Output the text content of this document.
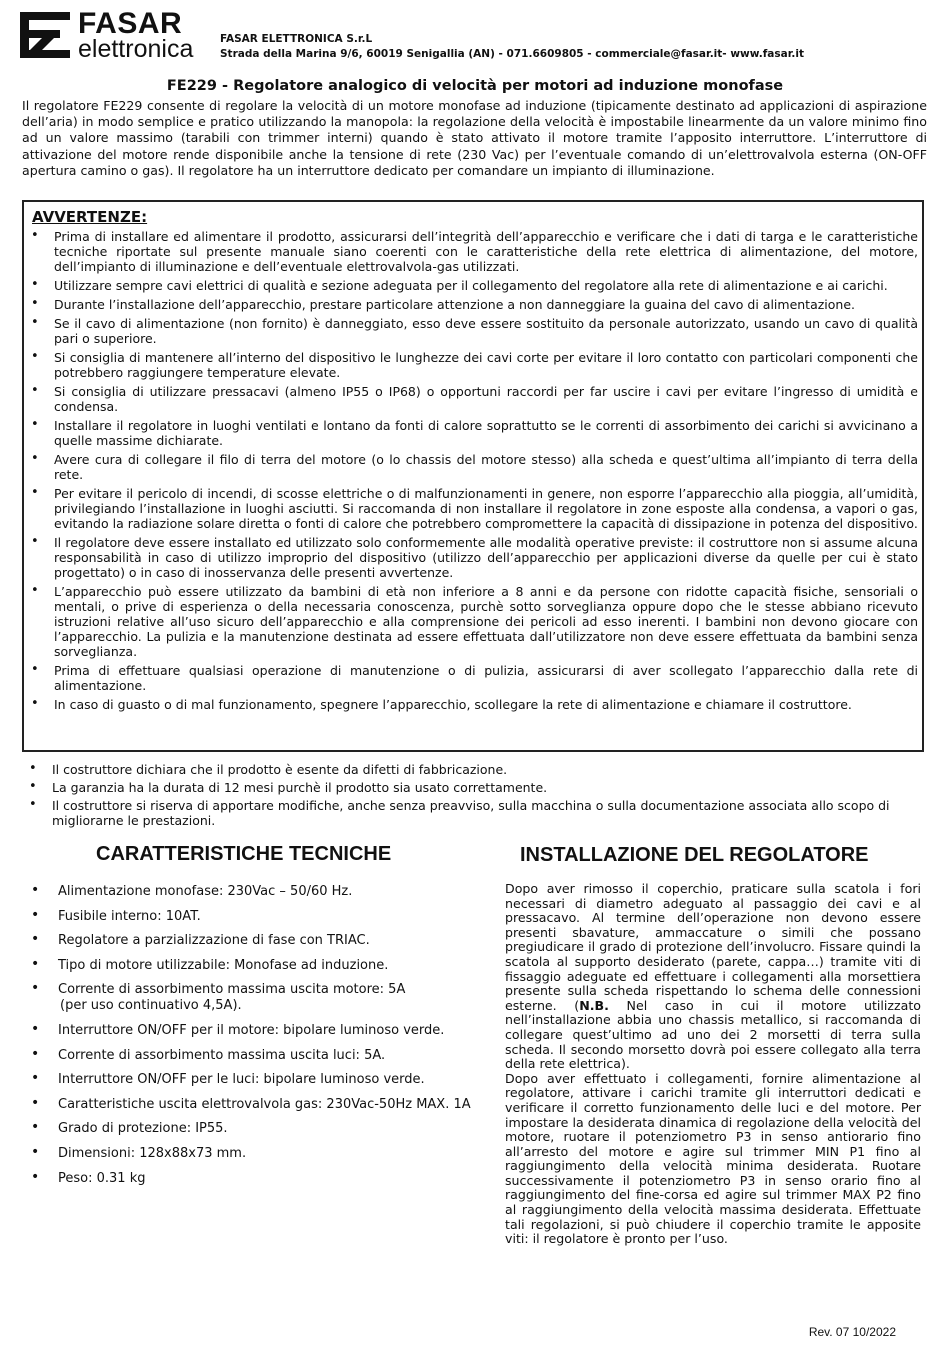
FASAR
elettronica	FASAR ELETTRONICA S.r.L
Strada della Marina 9/6, 60019 Senigallia (AN) - 071.6609805 - commerciale@fasar.it- www.fasar.it
FE229 - Regolatore analogico di velocità per motori ad induzione monofase
Il regolatore FE229 consente di regolare la velocità di un motore monofase ad induzione (tipicamente destinato ad applicazioni di aspirazione dell’aria) in modo semplice e pratico utilizzando la manopola: la regolazione della velocità è impostabile linearmente da un valore minimo fino ad un valore massimo (tarabili con trimmer interni) quando è stato attivato il motore tramite l’apposito interruttore. L’interruttore di attivazione del motore rende disponibile anche la tensione di rete (230 Vac) per l’eventuale comando di un’elettrovalvola esterna (ON-OFF apertura camino o gas). Il regolatore ha un interruttore dedicato per comandare un impianto di illuminazione.
AVVERTENZE:
• Prima di installare ed alimentare il prodotto, assicurarsi dell’integrità dell’apparecchio e verificare che i dati di targa e le caratteristiche tecniche riportate sul presente manuale siano coerenti con le caratteristiche della rete elettrica di alimentazione, del motore, dell’impianto di illuminazione e dell’eventuale elettrovalvola-gas utilizzati.
• Utilizzare sempre cavi elettrici di qualità e sezione adeguata per il collegamento del regolatore alla rete di alimentazione e ai carichi.
• Durante l’installazione dell’apparecchio, prestare particolare attenzione a non danneggiare la guaina del cavo di alimentazione.
• Se il cavo di alimentazione (non fornito) è danneggiato, esso deve essere sostituito da personale autorizzato, usando un cavo di qualità pari o superiore.
• Si consiglia di mantenere all’interno del dispositivo le lunghezze dei cavi corte per evitare il loro contatto con particolari componenti che potrebbero raggiungere temperature elevate.
• Si consiglia di utilizzare pressacavi (almeno IP55 o IP68) o opportuni raccordi per far uscire i cavi per evitare l’ingresso di umidità e condensa.
• Installare il regolatore in luoghi ventilati e lontano da fonti di calore soprattutto se le correnti di assorbimento dei carichi si avvicinano a quelle massime dichiarate.
• Avere cura di collegare il filo di terra del motore (o lo chassis del motore stesso) alla scheda e quest’ultima all’impianto di terra della rete.
• Per evitare il pericolo di incendi, di scosse elettriche o di malfunzionamenti in genere, non esporre l’apparecchio alla pioggia, all’umidità, privilegiando l’installazione in luoghi asciutti. Si raccomanda di non installare il regolatore in zone esposte alla condensa, a vapori o gas, evitando la radiazione solare diretta o fonti di calore che potrebbero compromettere la capacità di dissipazione in potenza del dispositivo.
• Il regolatore deve essere installato ed utilizzato solo conformemente alle modalità operative previste: il costruttore non si assume alcuna responsabilità in caso di utilizzo improprio del dispositivo (utilizzo dell’apparecchio per applicazioni diverse da quelle per cui è stato progettato) o in caso di inosservanza delle presenti avvertenze.
• L’apparecchio può essere utilizzato da bambini di età non inferiore a 8 anni e da persone con ridotte capacità fisiche, sensoriali o mentali, o prive di esperienza o della necessaria conoscenza, purchè sotto sorveglianza oppure dopo che le stesse abbiano ricevuto istruzioni relative all’uso sicuro dell’apparecchio e alla comprensione dei pericoli ad esso inerenti. I bambini non devono giocare con l’apparecchio. La pulizia e la manutenzione destinata ad essere effettuata dall’utilizzatore non deve essere effettuata da bambini senza sorveglianza.
• Prima di effettuare qualsiasi operazione di manutenzione o di pulizia, assicurarsi di aver scollegato l’apparecchio dalla rete di alimentazione.
• In caso di guasto o di mal funzionamento, spegnere l’apparecchio, scollegare la rete di alimentazione e chiamare il costruttore.
• Il costruttore dichiara che il prodotto è esente da difetti di fabbricazione.
• La garanzia ha la durata di 12 mesi purchè il prodotto sia usato correttamente.
• Il costruttore si riserva di apportare modifiche, anche senza preavviso, sulla macchina o sulla documentazione associata allo scopo di migliorarne le prestazioni.
CARATTERISTICHE TECNICHE
• Alimentazione monofase: 230Vac – 50/60 Hz.
• Fusibile interno: 10AT.
• Regolatore a parzializzazione di fase con TRIAC.
• Tipo di motore utilizzabile: Monofase ad induzione.
• Corrente di assorbimento massima uscita motore: 5A
(per uso continuativo 4,5A).
• Interruttore ON/OFF per il motore: bipolare luminoso verde.
• Corrente di assorbimento massima uscita luci: 5A.
• Interruttore ON/OFF per le luci: bipolare luminoso verde.
• Caratteristiche uscita elettrovalvola gas: 230Vac-50Hz MAX. 1A
• Grado di protezione: IP55.
• Dimensioni: 128x88x73 mm.
• Peso: 0.31 kg
INSTALLAZIONE DEL REGOLATORE

Dopo aver rimosso il coperchio, praticare sulla scatola i fori necessari di diametro adeguato al passaggio dei cavi e al pressacavo. Al termine dell’operazione non devono essere presenti sbavature, ammaccature o simili che possano pregiudicare il grado di protezione dell’involucro. Fissare quindi la scatola al supporto desiderato (parete, cappa…) tramite viti di fissaggio adeguate ed effettuare i collegamenti alla morsettiera presente sulla scheda rispettando lo schema delle connessioni esterne. (N.B. Nel caso in cui il motore utilizzato nell’installazione abbia uno chassis metallico, si raccomanda di collegare quest’ultimo ad uno dei 2 morsetti di terra sulla scheda. Il secondo morsetto dovrà poi essere collegato alla terra della rete elettrica).

Dopo aver effettuato i collegamenti, fornire alimentazione al regolatore, attivare i carichi tramite gli interruttori dedicati e verificare il corretto funzionamento delle luci e del motore. Per impostare la desiderata dinamica di regolazione della velocità del motore, ruotare il potenziometro P3 in senso antiorario fino all’arresto del motore e agire sul trimmer MIN P1 fino al raggiungimento della velocità minima desiderata. Ruotare successivamente il potenziometro P3 in senso orario fino al raggiungimento del fine-corsa ed agire sul trimmer MAX P2 fino al raggiungimento della velocità massima desiderata. Effettuate tali regolazioni, si può chiudere il coperchio tramite le apposite viti: il regolatore è pronto per l’uso.

Rev. 07 10/2022
